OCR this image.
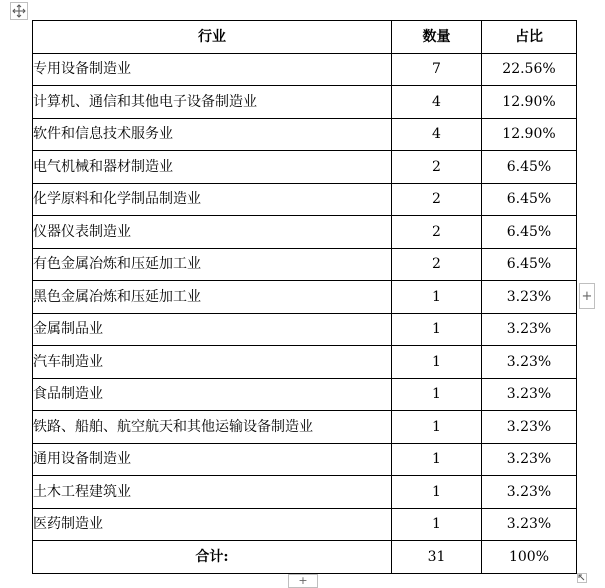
行业	数量	占比
专用设备制造业	7	22.56%
计算机、通信和其他电子设备制造业	4	12.90%
软件和信息技术服务业	4	12.90%
电气机械和器材制造业	2	6.45%
化学原料和化学制品制造业	2	6.45%
仪器仪表制造业	2	6.45%
有色金属冶炼和压延加工业	2	6.45%
黑色金属冶炼和压延加工业	1	3.23%
金属制品业	1	3.23%
汽车制造业	1	3.23%
食品制造业	1	3.23%
铁路、船舶、航空航天和其他运输设备制造业	1	3.23%
通用设备制造业	1	3.23%
土木工程建筑业	1	3.23%
医药制造业	1	3.23%
合计:	31	100%
+
+
